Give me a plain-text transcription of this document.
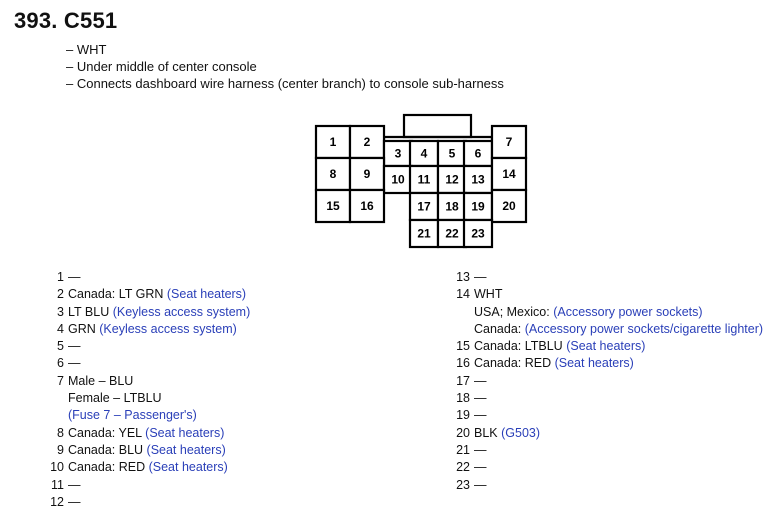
393. C551
– WHT
– Under middle of center console
– Connects dashboard wire harness (center branch) to console sub-harness
1 2
3 4 5 6
7
8 9 10 11 12 13 14
15 16	17 18 19 20
21 22 23
1 —
2 Canada: LT GRN (Seat heaters)
3 LT BLU (Keyless access system)
4 GRN (Keyless access system)
5 —
6 —
7 Male – BLU
Female – LTBLU
(Fuse 7 – Passenger's)
8 Canada: YEL (Seat heaters)
9 Canada: BLU (Seat heaters)
10 Canada: RED (Seat heaters)
11 —
12 —
13 —
14 WHT
USA; Mexico: (Accessory power sockets)
Canada: (Accessory power sockets/cigarette lighter)
15 Canada: LTBLU (Seat heaters)
16 Canada: RED (Seat heaters)
17 —
18 —
19 —
20 BLK (G503)
21 —
22 —
23 —
